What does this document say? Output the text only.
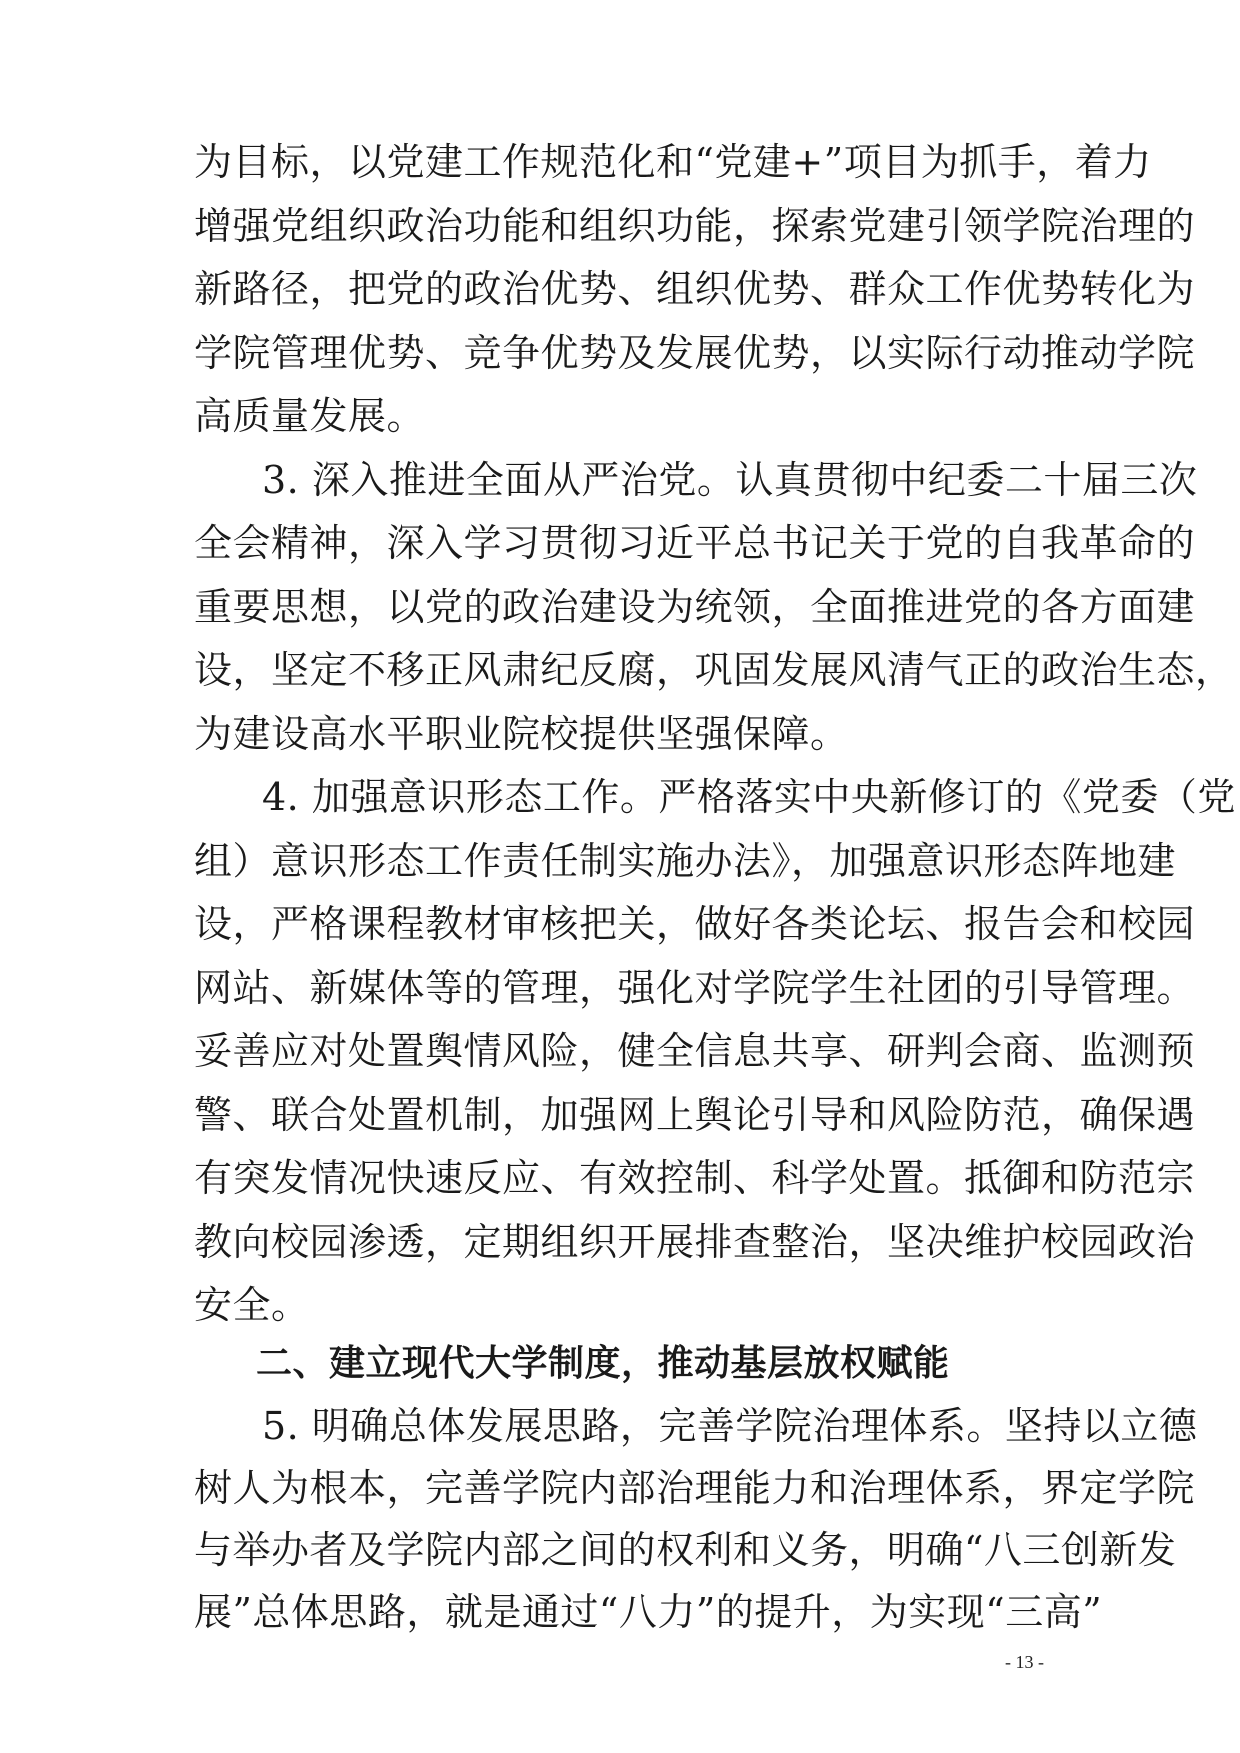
为目标，以党建工作规范化和“党建+”项目为抓手，着力
增强党组织政治功能和组织功能，探索党建引领学院治理的
新路径，把党的政治优势、组织优势、群众工作优势转化为
学院管理优势、竞争优势及发展优势，以实际行动推动学院
高质量发展。
3. 深入推进全面从严治党。认真贯彻中纪委二十届三次
全会精神，深入学习贯彻习近平总书记关于党的自我革命的
重要思想，以党的政治建设为统领，全面推进党的各方面建
设，坚定不移正风肃纪反腐，巩固发展风清气正的政治生态，
为建设高水平职业院校提供坚强保障。
4. 加强意识形态工作。严格落实中央新修订的《党委（党
组）意识形态工作责任制实施办法》，加强意识形态阵地建
设，严格课程教材审核把关，做好各类论坛、报告会和校园
网站、新媒体等的管理，强化对学院学生社团的引导管理。
妥善应对处置舆情风险，健全信息共享、研判会商、监测预
警、联合处置机制，加强网上舆论引导和风险防范，确保遇
有突发情况快速反应、有效控制、科学处置。抵御和防范宗
教向校园渗透，定期组织开展排查整治，坚决维护校园政治
安全。
二、建立现代大学制度，推动基层放权赋能
5. 明确总体发展思路，完善学院治理体系。坚持以立德
树人为根本，完善学院内部治理能力和治理体系，界定学院
与举办者及学院内部之间的权利和义务，明确“八三创新发
- 13 -
展”总体思路，就是通过“八力”的提升，为实现“三高”
